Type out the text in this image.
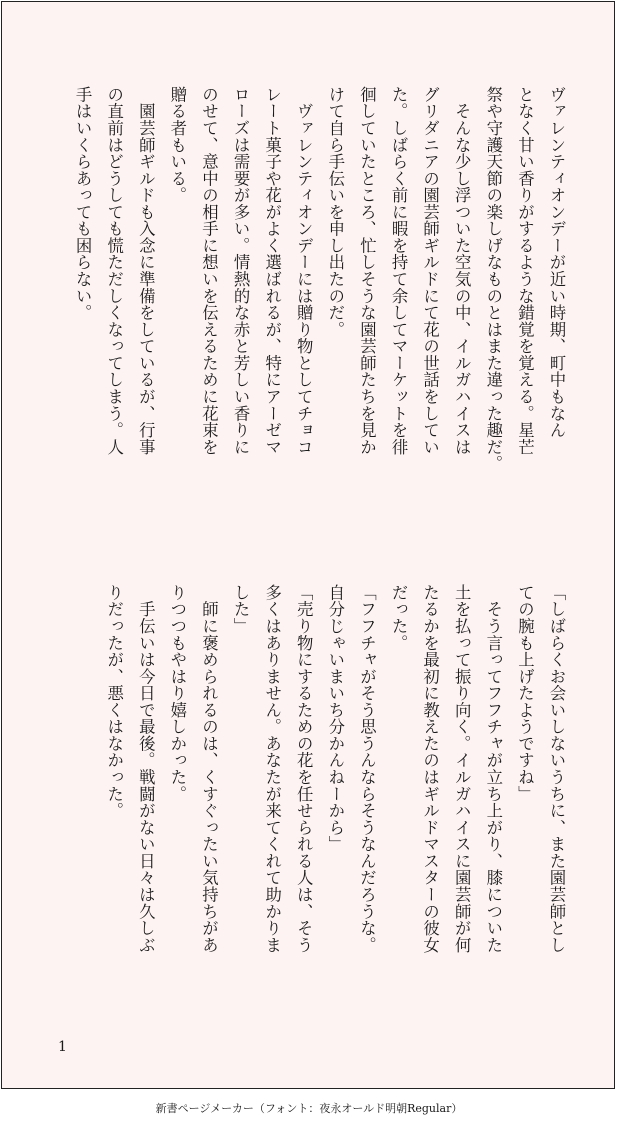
ヴァレンティオンデーが近い時期、町中もなん
となく甘い香りがするような錯覚を覚える。星芒
祭や守護天節の楽しげなものとはまた違った趣だ。
　そんな少し浮ついた空気の中、イルガハイスは
グリダニアの園芸師ギルドにて花の世話をしてい
た。しばらく前に暇を持て余してマーケットを徘
徊していたところ、忙しそうな園芸師たちを見か
けて自ら手伝いを申し出たのだ。
　ヴァレンティオンデーには贈り物としてチョコ
レート菓子や花がよく選ばれるが、特にアーゼマ
ローズは需要が多い。情熱的な赤と芳しい香りに
のせて、意中の相手に想いを伝えるために花束を
贈る者もいる。
　園芸師ギルドも入念に準備をしているが、行事
の直前はどうしても慌ただしくなってしまう。人
手はいくらあっても困らない。
「しばらくお会いしないうちに、また園芸師とし
ての腕も上げたようですね」
　そう言ってフフチャが立ち上がり、膝についた
土を払って振り向く。イルガハイスに園芸師が何
たるかを最初に教えたのはギルドマスターの彼女
だった。
「フフチャがそう思うんならそうなんだろうな。
自分じゃいまいち分かんねーから」
「売り物にするための花を任せられる人は、そう
多くはありません。あなたが来てくれて助かりま
した」
　師に褒められるのは、くすぐったい気持ちがあ
りつつもやはり嬉しかった。
　手伝いは今日で最後。戦闘がない日々は久しぶ
りだったが、悪くはなかった。
1
新書ページメーカー（フォント：夜永オールド明朝Regular）
